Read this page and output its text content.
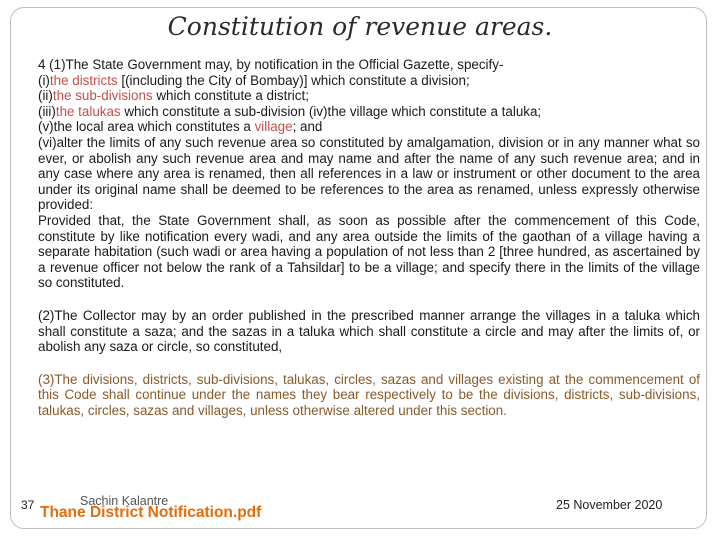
Constitution of revenue areas.

4 (1)The State Government may, by notification in the Official Gazette, specify-

(i)the districts [(including the City of Bombay)] which constitute a division;

(ii)the sub-divisions which constitute a district;

(iii)the talukas which constitute a sub-division (iv)the village which constitute a taluka;

(v)the local area which constitutes a village; and

(vi)alter the limits of any such revenue area so constituted by amalgamation, division or in any manner what so ever, or abolish any such revenue area and may name and after the name of any such revenue area; and in any case where any area is renamed, then all references in a law or instrument or other document to the area under its original name shall be deemed to be references to the area as renamed, unless expressly otherwise provided:

Provided that, the State Government shall, as soon as possible after the commencement of this Code, constitute by like notification every wadi, and any area outside the limits of the gaothan of a village having a separate habitation (such wadi or area having a population of not less than 2 [three hundred, as ascertained by a revenue officer not below the rank of a Tahsildar] to be a village; and specify there in the limits of the village so constituted.

(2)The Collector may by an order published in the prescribed manner arrange the villages in a taluka which shall constitute a saza; and the sazas in a taluka which shall constitute a circle and may after the limits of, or abolish any saza or circle, so constituted,

(3)The divisions, districts, sub-divisions, talukas, circles, sazas and villages existing at the commencement of this Code shall continue under the names they bear respectively to be the divisions, districts, sub-divisions, talukas, circles, sazas and villages, unless otherwise altered under this section.

37	Sachin Kalantre
Thane District Notification.pdf	25 November 2020
